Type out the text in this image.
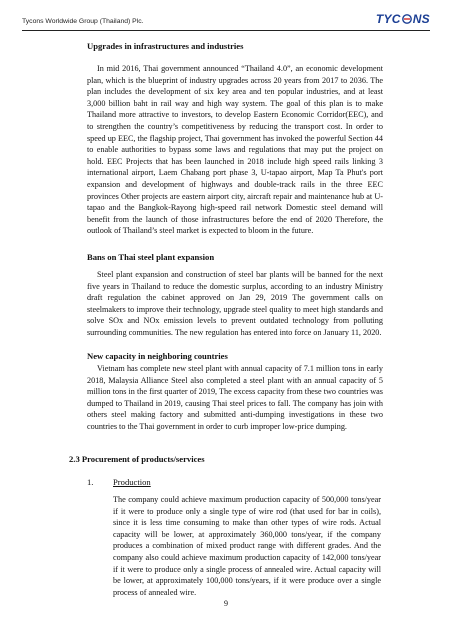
Tycons Worldwide Group (Thailand) Plc.	TYC NS
Upgrades in infrastructures and industries

In mid 2016, Thai government announced “Thailand 4.0”, an economic development plan, which is the blueprint of industry upgrades across 20 years from 2017 to 2036. The plan includes the development of six key area and ten popular industries, and at least 3,000 billion baht in rail way and high way system. The goal of this plan is to make Thailand more attractive to investors, to develop Eastern Economic Corridor(EEC), and to strengthen the country’s competitiveness by reducing the transport cost. In order to speed up EEC, the flagship project, Thai government has invoked the powerful Section 44 to enable authorities to bypass some laws and regulations that may put the project on hold. EEC Projects that has been launched in 2018 include high speed rails linking 3 international airport, Laem Chabang port phase 3, U-tapao airport, Map Ta Phut's port expansion and development of highways and double-track rails in the three EEC provinces Other projects are eastern airport city, aircraft repair and maintenance hub at U-tapao and the Bangkok-Rayong high-speed rail network Domestic steel demand will benefit from the launch of those infrastructures before the end of 2020 Therefore, the outlook of Thailand’s steel market is expected to bloom in the future.

Bans on Thai steel plant expansion

Steel plant expansion and construction of steel bar plants will be banned for the next five years in Thailand to reduce the domestic surplus, according to an industry Ministry draft regulation the cabinet approved on Jan 29, 2019 The government calls on steelmakers to improve their technology, upgrade steel quality to meet high standards and solve SOx and NOx emission levels to prevent outdated technology from polluting surrounding communities. The new regulation has entered into force on January 11, 2020.

New capacity in neighboring countries

Vietnam has complete new steel plant with annual capacity of 7.1 million tons in early 2018, Malaysia Alliance Steel also completed a steel plant with an annual capacity of 5 million tons in the first quarter of 2019, The excess capacity from these two countries was dumped to Thailand in 2019, causing Thai steel prices to fall. The company has join with others steel making factory and submitted anti-dumping investigations in these two countries to the Thai government in order to curb improper low-price dumping.

2.3 Procurement of products/services
1. Production

The company could achieve maximum production capacity of 500,000 tons/year if it were to produce only a single type of wire rod (that used for bar in coils), since it is less time consuming to make than other types of wire rods. Actual capacity will be lower, at approximately 360,000 tons/year, if the company produces a combination of mixed product range with different grades. And the company also could achieve maximum production capacity of 142,000 tons/year if it were to produce only a single process of annealed wire. Actual capacity will be lower, at approximately 100,000 tons/years, if it were produce over a single process of annealed wire.

9
